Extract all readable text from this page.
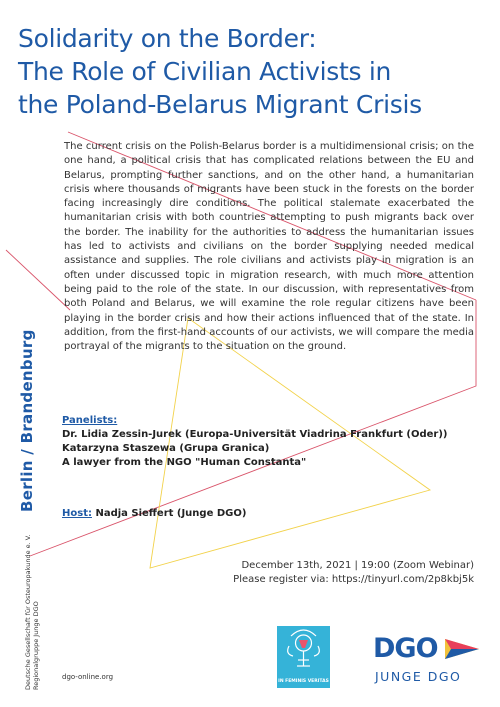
Solidarity on the Border:
The Role of Civilian Activists in
the Poland-Belarus Migrant Crisis

The current crisis on the Polish-Belarus border is a multidimensional crisis; on the one hand, a political crisis that has complicated relations between the EU and Belarus, prompting further sanctions, and on the other hand, a humanitarian crisis where thousands of migrants have been stuck in the forests on the border facing increasingly dire conditions. The political stalemate exacerbated the humanitarian crisis with both countries attempting to push migrants back over the border. The inability for the authorities to address the humanitarian issues has led to activists and civilians on the border supplying needed medical assistance and supplies. The role civilians and activists play in migration is an often under discussed topic in migration research, with much more attention being paid to the role of the state. In our discussion, with representatives from both Poland and Belarus, we will examine the role regular citizens have been playing in the border crisis and how their actions influenced that of the state. In addition, from the first-hand accounts of our activists, we will compare the media portrayal of the migrants to the situation on the ground.

Panelists:
Dr. Lidia Zessin-Jurek (Europa-Universität Viadrina Frankfurt (Oder))
Katarzyna Staszewa (Grupa Granica)
A lawyer from the NGO "Human Constanta"
Host: Nadja Sieffert (Junge DGO)
December 13th, 2021 | 19:00 (Zoom Webinar)
Please register via: https://tinyurl.com/2p8kbj5k
Berlin / Brandenburg
Deutsche Gesellschaft für Osteuropakunde e. V. Regionalgruppe Junge DGO	dgo-online.org
IN FEMINIS VERITAS
DGO
JUNGE DGO
